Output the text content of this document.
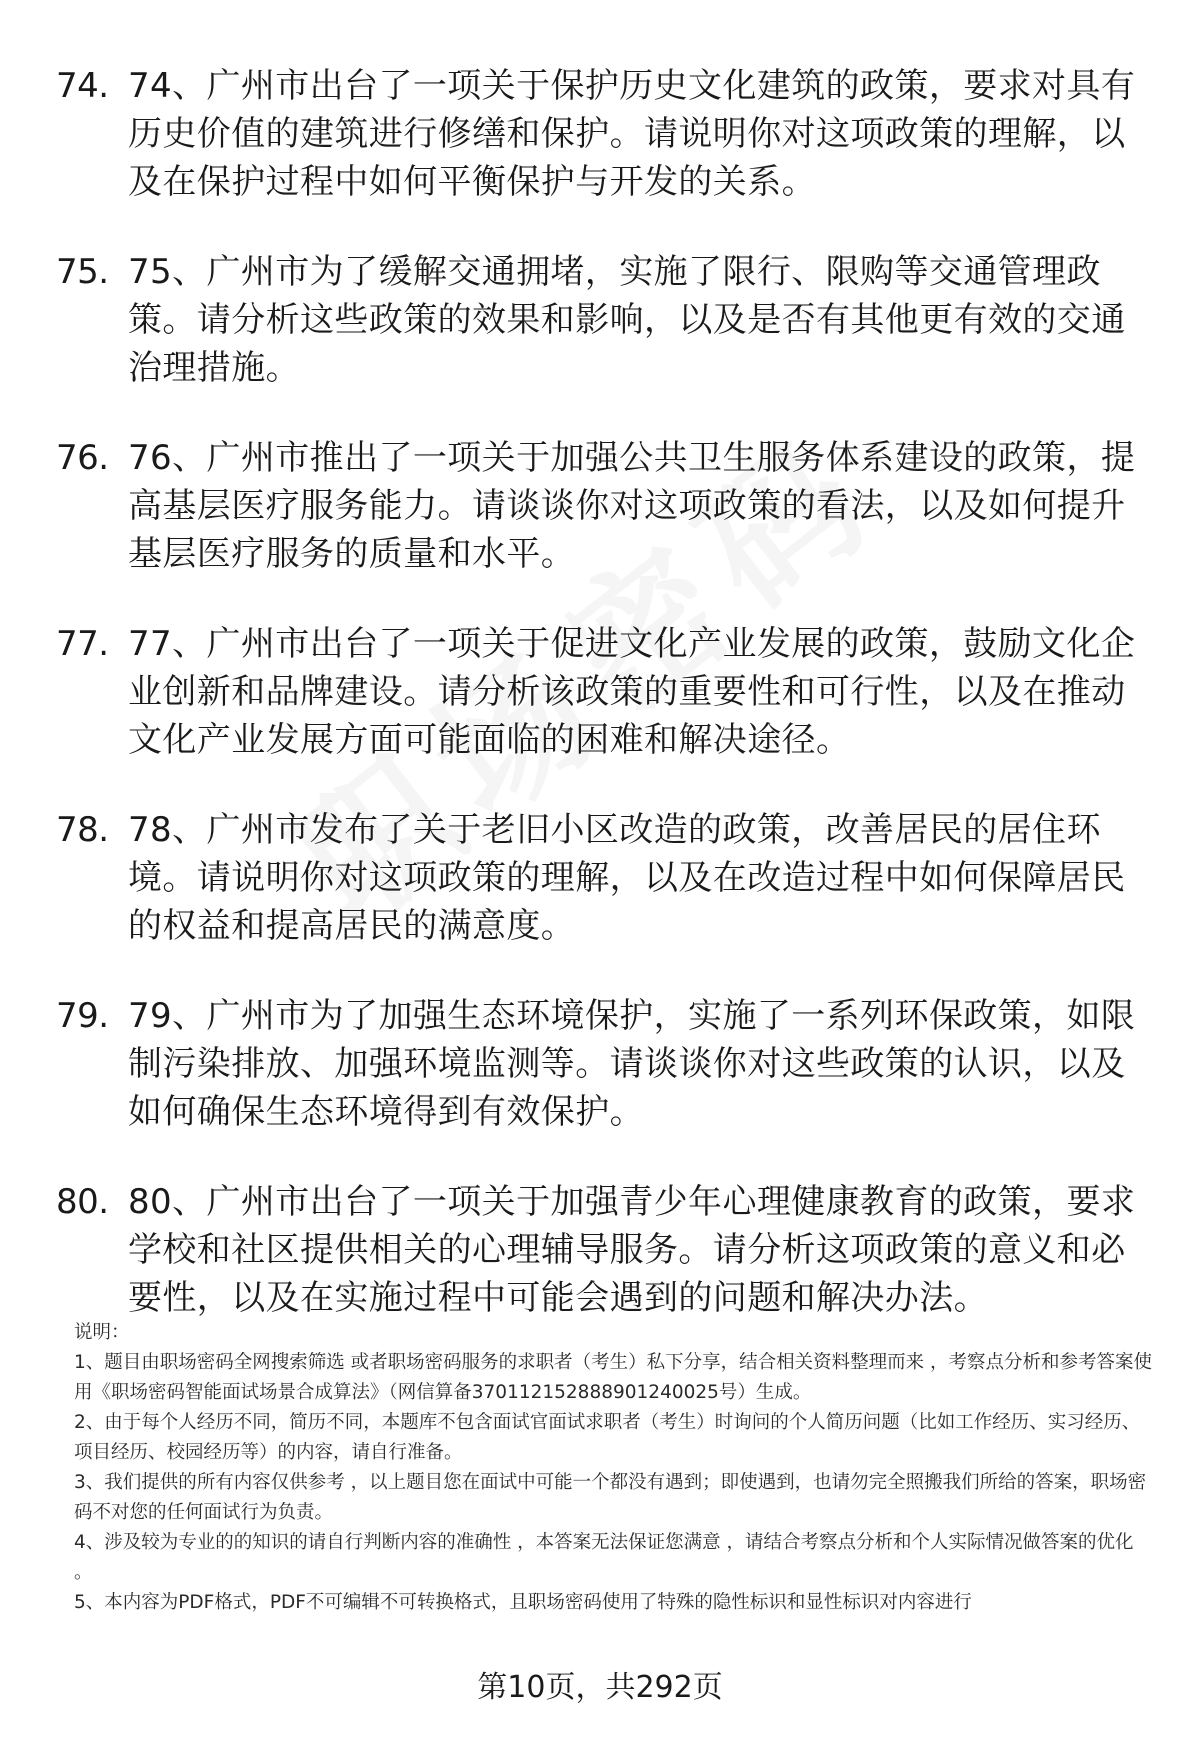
74. 74、广州市出台了一项关于保护历史文化建筑的政策，要求对具有历史价值的建筑进行修缮和保护。请说明你对这项政策的理解，以及在保护过程中如何平衡保护与开发的关系。
75. 75、广州市为了缓解交通拥堵，实施了限行、限购等交通管理政策。请分析这些政策的效果和影响，以及是否有其他更有效的交通治理措施。
76. 76、广州市推出了一项关于加强公共卫生服务体系建设的政策，提高基层医疗服务能力。请谈谈你对这项政策的看法，以及如何提升基层医疗服务的质量和水平。
77. 77、广州市出台了一项关于促进文化产业发展的政策，鼓励文化企业创新和品牌建设。请分析该政策的重要性和可行性，以及在推动文化产业发展方面可能面临的困难和解决途径。
78. 78、广州市发布了关于老旧小区改造的政策，改善居民的居住环境。请说明你对这项政策的理解，以及在改造过程中如何保障居民的权益和提高居民的满意度。
79. 79、广州市为了加强生态环境保护，实施了一系列环保政策，如限制污染排放、加强环境监测等。请谈谈你对这些政策的认识，以及如何确保生态环境得到有效保护。
80. 80、广州市出台了一项关于加强青少年心理健康教育的政策，要求学校和社区提供相关的心理辅导服务。请分析这项政策的意义和必要性，以及在实施过程中可能会遇到的问题和解决办法。

说明：

1、题目由职场密码全网搜索筛选 或者职场密码服务的求职者（考生）私下分享，结合相关资料整理而来 ，考察点分析和参考答案使用《职场密码智能面试场景合成算法》（网信算备370112152888901240025号）生成。

2、由于每个人经历不同，简历不同，本题库不包含面试官面试求职者（考生）时询问的个人简历问题（比如工作经历、实习经历、项目经历、校园经历等）的内容，请自行准备。

3、我们提供的所有内容仅供参考 ，以上题目您在面试中可能一个都没有遇到；即使遇到，也请勿完全照搬我们所给的答案，职场密码不对您的任何面试行为负责。

4、涉及较为专业的的知识的请自行判断内容的准确性 ，本答案无法保证您满意 ，请结合考察点分析和个人实际情况做答案的优化 。

5、本内容为PDF格式，PDF不可编辑不可转换格式，且职场密码使用了特殊的隐性标识和显性标识对内容进行

第10页，共292页
